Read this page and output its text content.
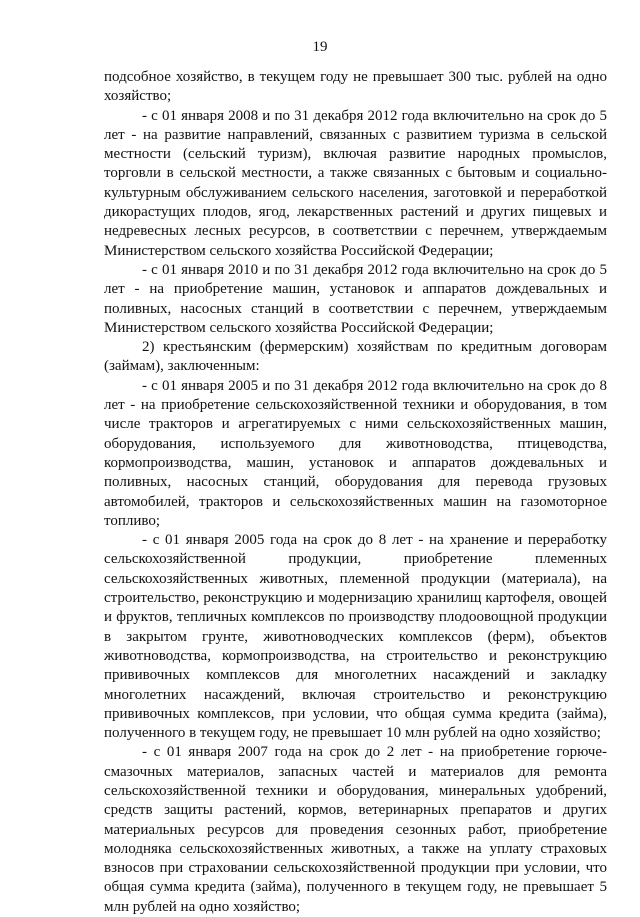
19

подсобное хозяйство, в текущем году не превышает 300 тыс. рублей на одно хозяйство;

- с 01 января 2008 и по 31 декабря 2012 года включительно на срок до 5 лет - на развитие направлений, связанных с развитием туризма в сельской местности (сельский туризм), включая развитие народных промыслов, торговли в сельской местности, а также связанных с бытовым и социально-культурным обслуживанием сельского населения, заготовкой и переработкой дикорастущих плодов, ягод, лекарственных растений и других пищевых и недревесных лесных ресурсов, в соответствии с перечнем, утверждаемым Министерством сельского хозяйства Российской Федерации;

- с 01 января 2010 и по 31 декабря 2012 года включительно на срок до 5 лет - на приобретение машин, установок и аппаратов дождевальных и поливных, насосных станций в соответствии с перечнем, утверждаемым Министерством сельского хозяйства Российской Федерации;

2) крестьянским (фермерским) хозяйствам по кредитным договорам (займам), заключенным:

- с 01 января 2005 и по 31 декабря 2012 года включительно на срок до 8 лет - на приобретение сельскохозяйственной техники и оборудования, в том числе тракторов и агрегатируемых с ними сельскохозяйственных машин, оборудования, используемого для животноводства, птицеводства, кормопроизводства, машин, установок и аппаратов дождевальных и поливных, насосных станций, оборудования для перевода грузовых автомобилей, тракторов и сельскохозяйственных машин на газомоторное топливо;

- с 01 января 2005 года на срок до 8 лет - на хранение и переработку сельскохозяйственной продукции, приобретение племенных сельскохозяйственных животных, племенной продукции (материала), на строительство, реконструкцию и модернизацию хранилищ картофеля, овощей и фруктов, тепличных комплексов по производству плодоовощной продукции в закрытом грунте, животноводческих комплексов (ферм), объектов животноводства, кормопроизводства, на строительство и реконструкцию прививочных комплексов для многолетних насаждений и закладку многолетних насаждений, включая строительство и реконструкцию прививочных комплексов, при условии, что общая сумма кредита (займа), полученного в текущем году, не превышает 10 млн рублей на одно хозяйство;

- с 01 января 2007 года на срок до 2 лет - на приобретение горюче-смазочных материалов, запасных частей и материалов для ремонта сельскохозяйственной техники и оборудования, минеральных удобрений, средств защиты растений, кормов, ветеринарных препаратов и других материальных ресурсов для проведения сезонных работ, приобретение молодняка сельскохозяйственных животных, а также на уплату страховых взносов при страховании сельскохозяйственной продукции при условии, что общая сумма кредита (займа), полученного в текущем году, не превышает 5 млн рублей на одно хозяйство;
